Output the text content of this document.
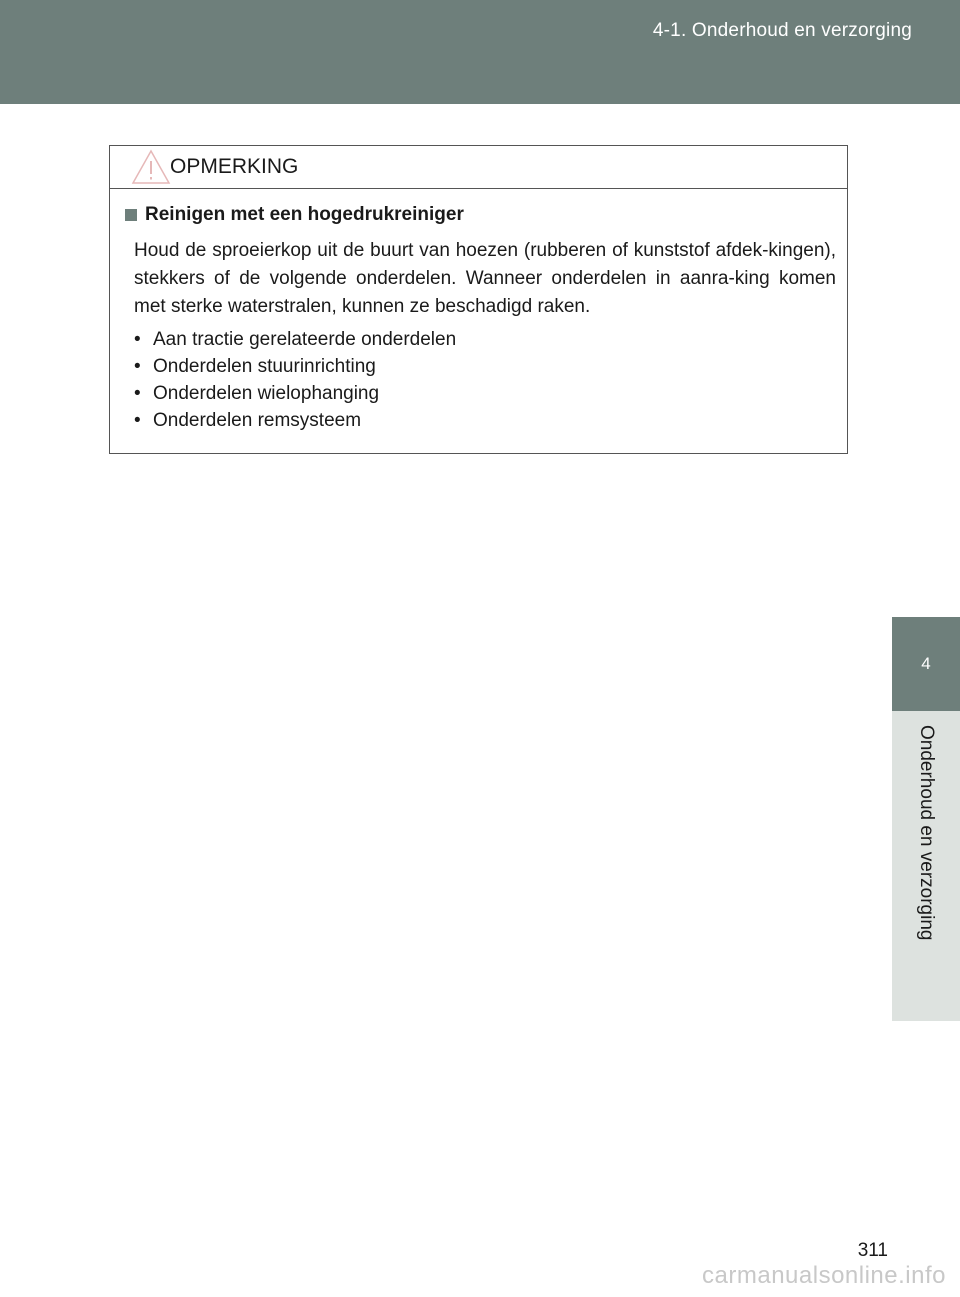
4-1. Onderhoud en verzorging
4
Onderhoud en verzorging
OPMERKING
Reinigen met een hogedrukreiniger

Houd de sproeierkop uit de buurt van hoezen (rubberen of kunststof afdek-kingen), stekkers of de volgende onderdelen. Wanneer onderdelen in aanra-king komen met sterke waterstralen, kunnen ze beschadigd raken.

• Aan tractie gerelateerde onderdelen
• Onderdelen stuurinrichting
• Onderdelen wielophanging
• Onderdelen remsysteem
311
carmanualsonline.info
